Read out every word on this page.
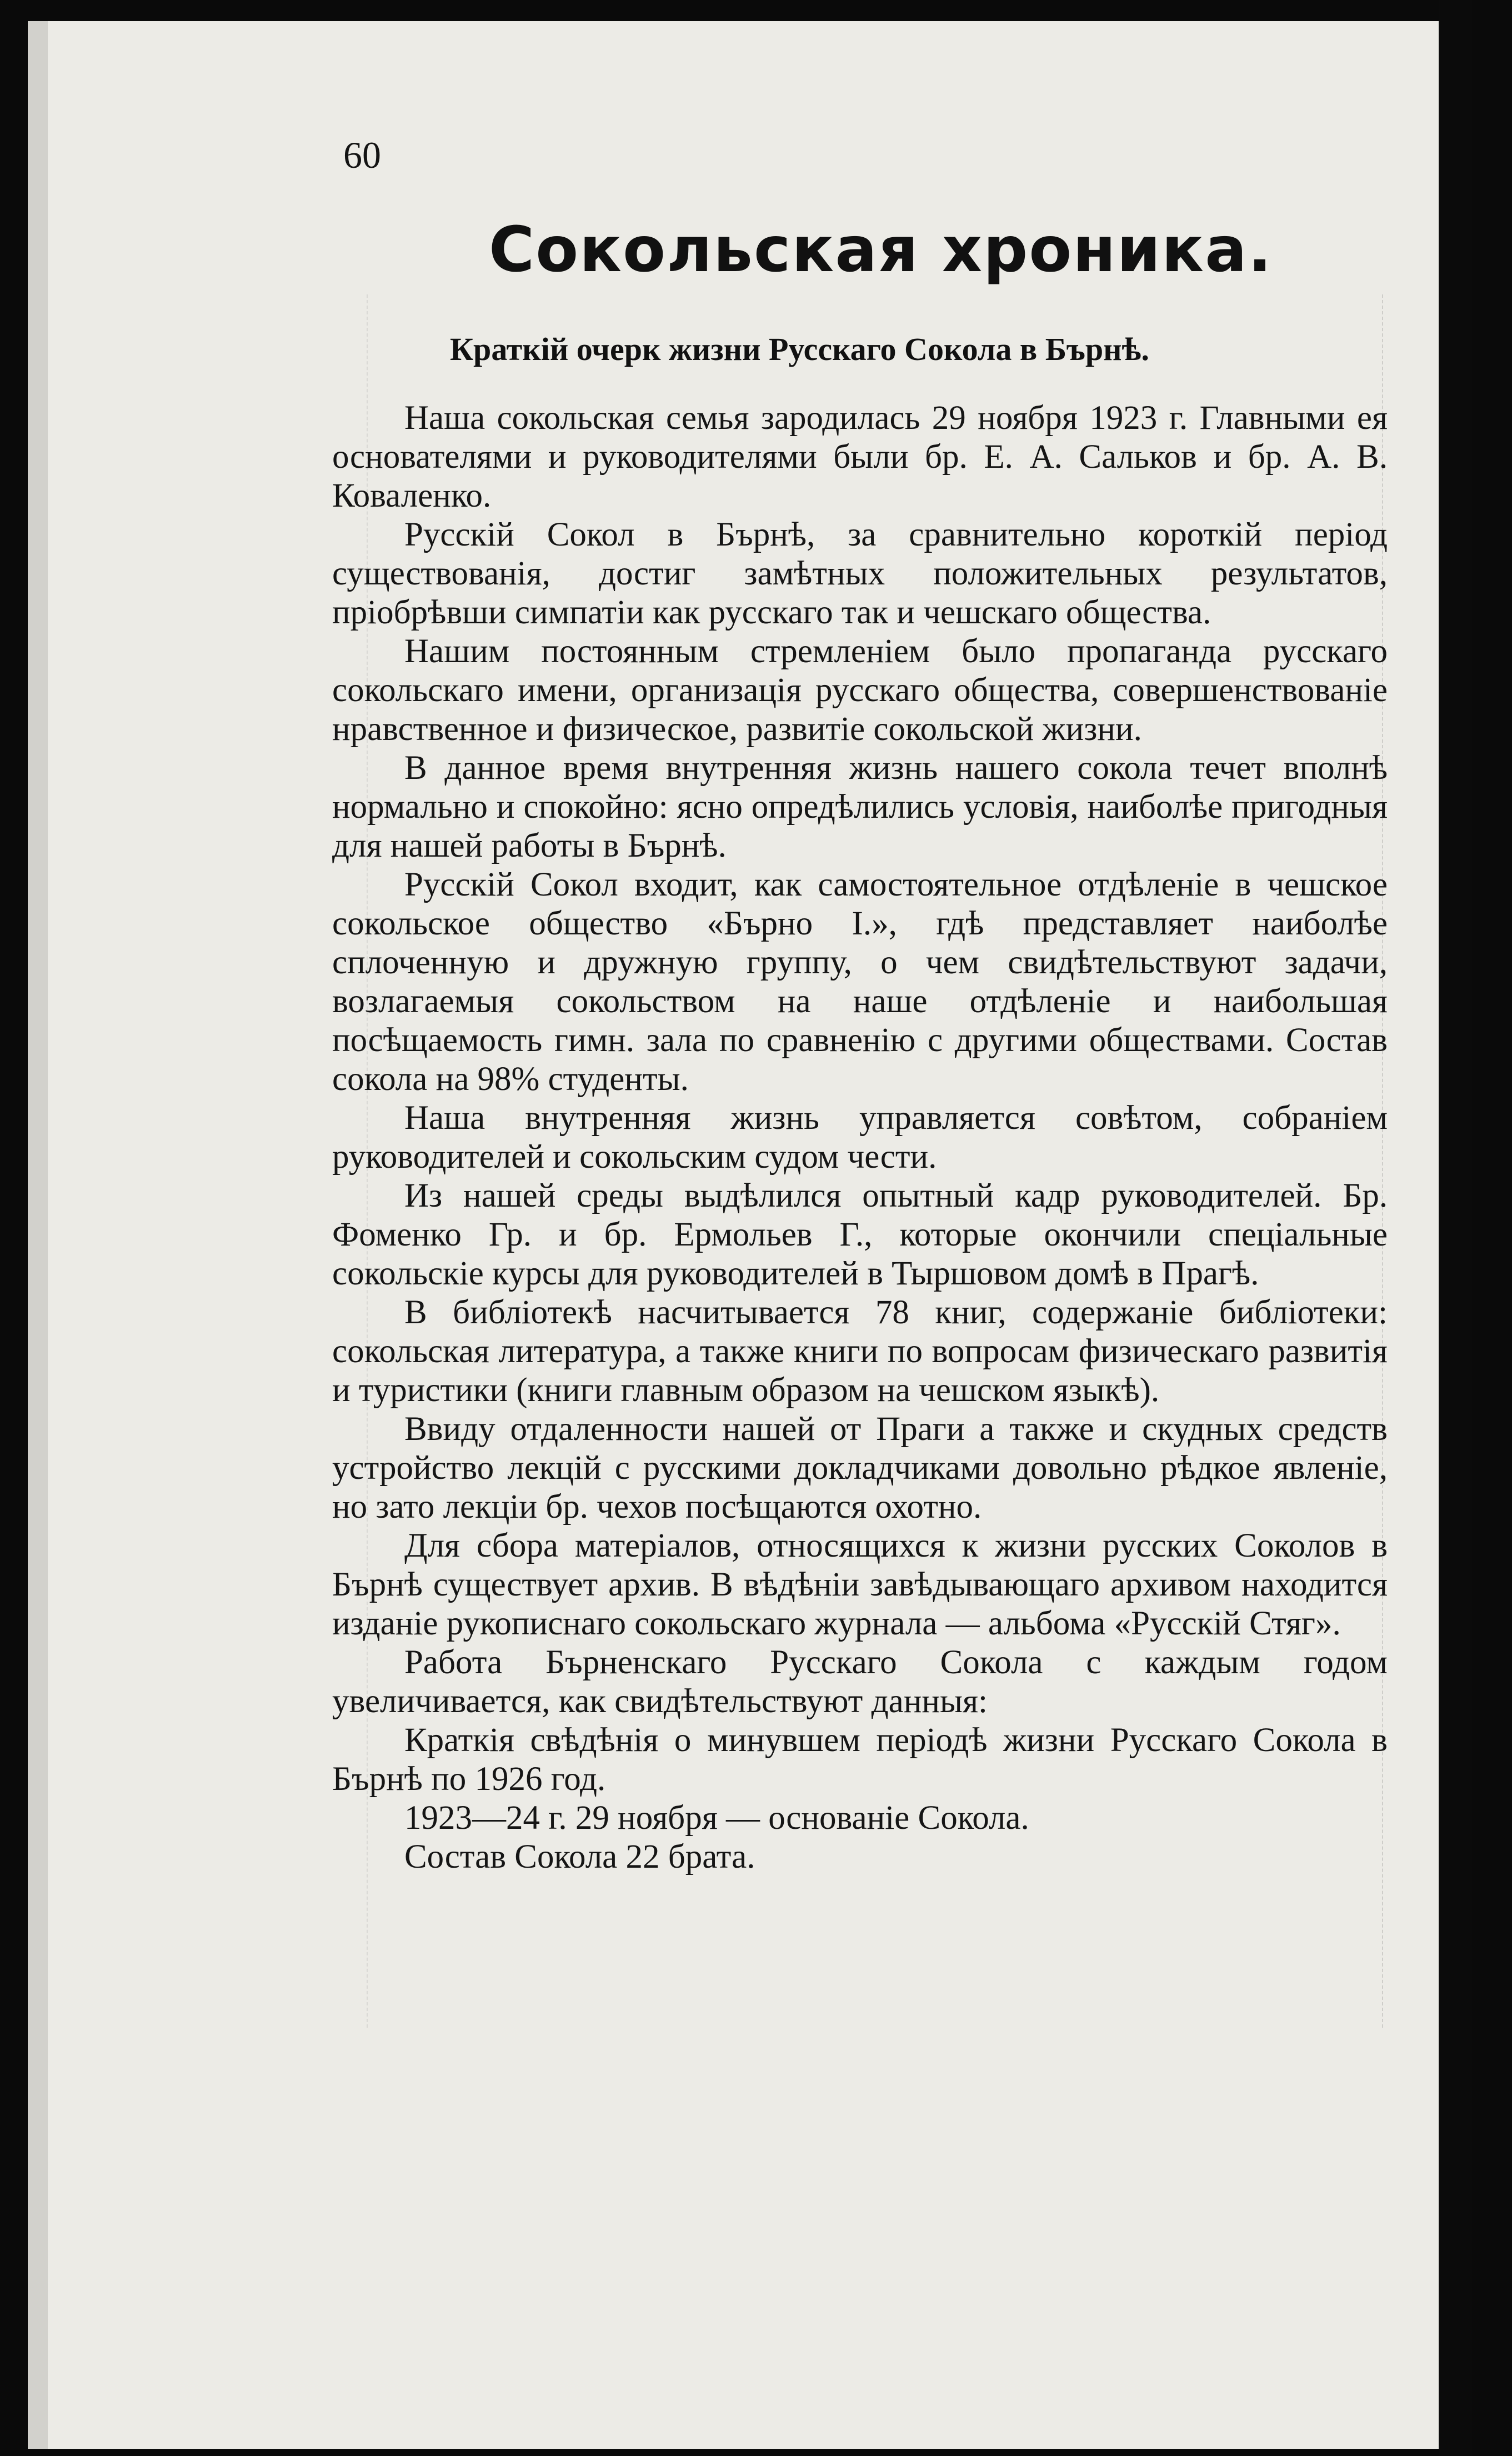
60

Сокольская хроника.
Краткій очерк жизни Русскаго Сокола в Бърнѣ.

Наша сокольская семья зародилась 29 ноября 1923 г. Главными ея основателями и руководителями были бр. Е. А. Сальков и бр. А. В. Коваленко.

Русскій Сокол в Бърнѣ, за сравнительно короткій період существованія, достиг замѣтных положительных результатов, пріобрѣвши симпатіи как русскаго так и чешскаго общества.

Нашим постоянным стремленіем было пропаганда русскаго сокольскаго имени, организація русскаго общества, совершенствованіе нравственное и физическое, развитіе сокольской жизни.

В данное время внутренняя жизнь нашего сокола течет вполнѣ нормально и спокойно: ясно опредѣлились условія, наиболѣе пригодныя для нашей работы в Бърнѣ.

Русскій Сокол входит, как самостоятельное отдѣленіе в чешское сокольское общество «Бърно I.», гдѣ представляет наиболѣе сплоченную и дружную группу, о чем свидѣтельствуют задачи, возлагаемыя сокольством на наше отдѣленіе и наибольшая посѣщаемость гимн. зала по сравненію с другими обществами. Состав сокола на 98% студенты.

Наша внутренняя жизнь управляется совѣтом, собраніем руководителей и сокольским судом чести.

Из нашей среды выдѣлился опытный кадр руководителей. Бр. Фоменко Гр. и бр. Ермольев Г., которые окончили спеціальные сокольскіе курсы для руководителей в Тыршовом домѣ в Прагѣ.

В библіотекѣ насчитывается 78 книг, содержаніе библіотеки: сокольская литература, а также книги по вопросам физическаго развитія и туристики (книги главным образом на чешском языкѣ).

Ввиду отдаленности нашей от Праги а также и скудных средств устройство лекцій с русскими докладчиками довольно рѣдкое явленіе, но зато лекціи бр. чехов посѣщаются охотно.

Для сбора матеріалов, относящихся к жизни русских Соколов в Бърнѣ существует архив. В вѣдѣніи завѣдывающаго архивом находится изданіе рукописнаго сокольскаго журнала — альбома «Русскій Стяг».

Работа Бърненскаго Русскаго Сокола с каждым годом увеличивается, как свидѣтельствуют данныя:

Краткія свѣдѣнія о минувшем періодѣ жизни Русскаго Сокола в Бърнѣ по 1926 год.

1923—24 г. 29 ноября — основаніе Сокола.

Состав Сокола 22 брата.
